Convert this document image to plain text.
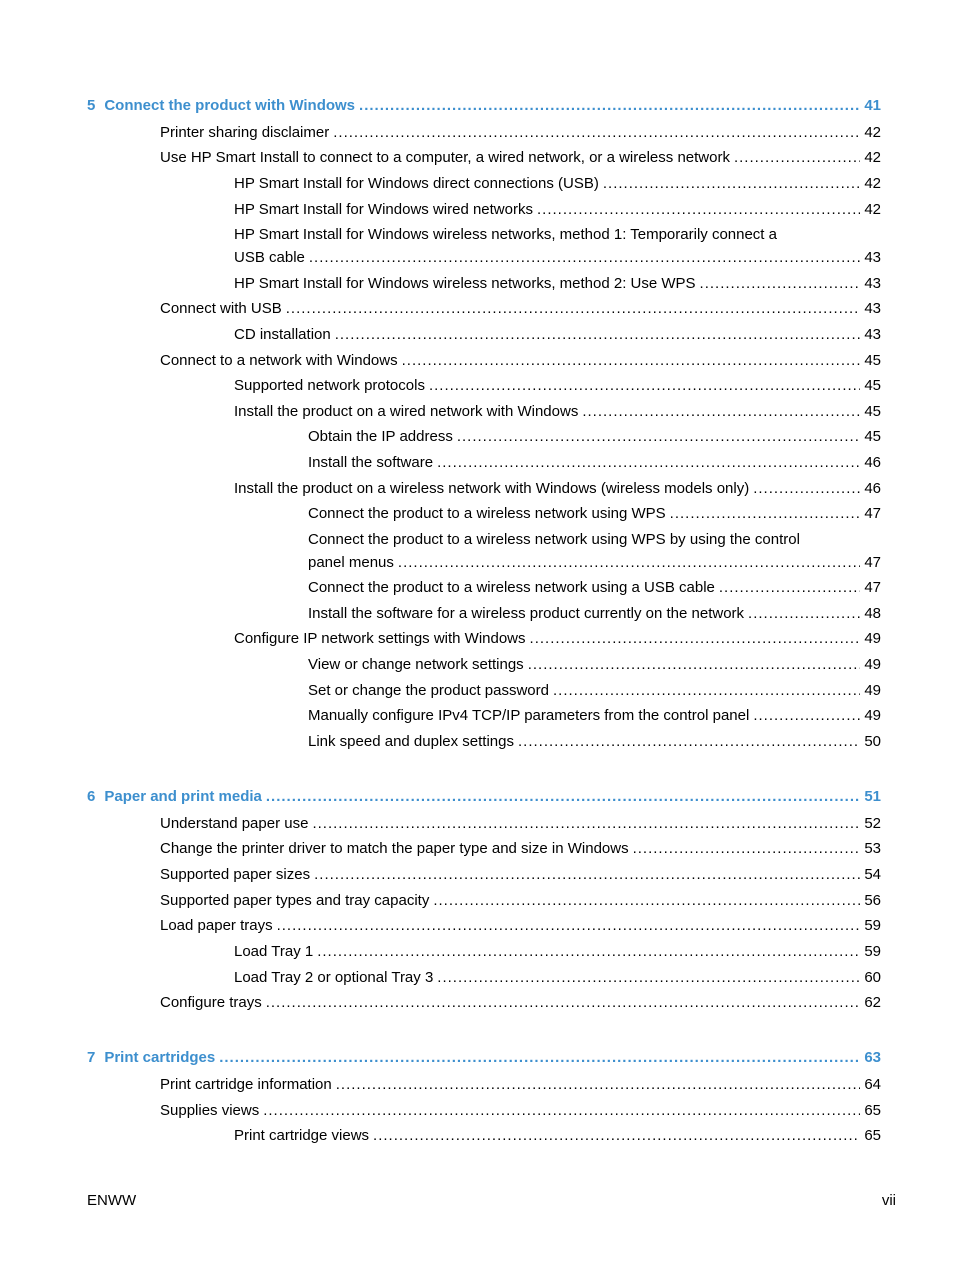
5 Connect the product with Windows .....	41
Printer sharing disclaimer .....	42
Use HP Smart Install to connect to a computer, a wired network, or a wireless network .....	42
HP Smart Install for Windows direct connections (USB) .....	42
HP Smart Install for Windows wired networks .....	42
HP Smart Install for Windows wireless networks, method 1: Temporarily connect a
USB cable .....	43
HP Smart Install for Windows wireless networks, method 2: Use WPS .....	43
Connect with USB .....	43
CD installation .....	43
Connect to a network with Windows .....	45
Supported network protocols .....	45
Install the product on a wired network with Windows .....	45
Obtain the IP address .....	45
Install the software .....	46
Install the product on a wireless network with Windows (wireless models only) .....	46
Connect the product to a wireless network using WPS .....	47
Connect the product to a wireless network using WPS by using the control
panel menus .....	47
Connect the product to a wireless network using a USB cable .....	47
Install the software for a wireless product currently on the network .....	48
Configure IP network settings with Windows .....	49
View or change network settings .....	49
Set or change the product password .....	49
Manually configure IPv4 TCP/IP parameters from the control panel .....	49
Link speed and duplex settings .....	50
6 Paper and print media .....	51
Understand paper use .....	52
Change the printer driver to match the paper type and size in Windows .....	53
Supported paper sizes .....	54
Supported paper types and tray capacity .....	56
Load paper trays .....	59
Load Tray 1 .....	59
Load Tray 2 or optional Tray 3 .....	60
Configure trays .....	62
7 Print cartridges .....	63
Print cartridge information .....	64
Supplies views .....	65
Print cartridge views .....	65
ENWW	vii
